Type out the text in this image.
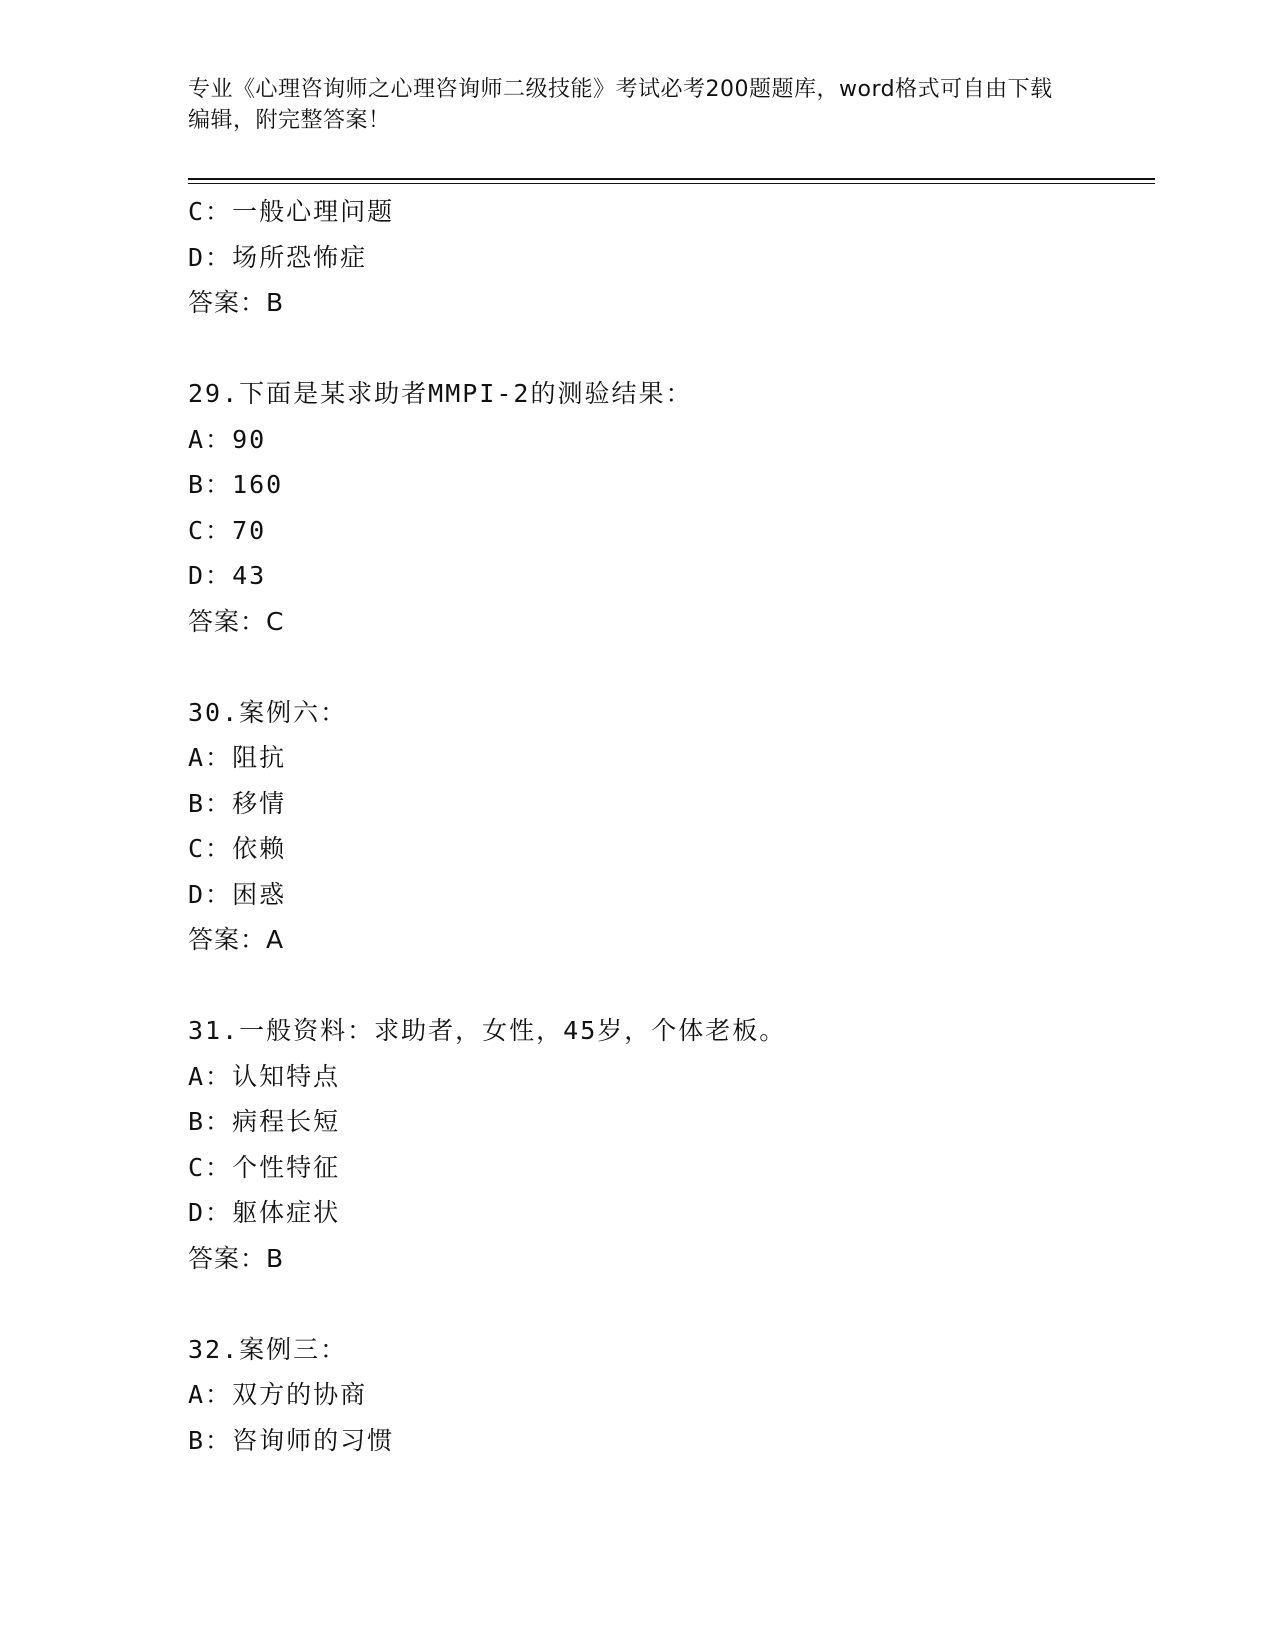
专业《心理咨询师之心理咨询师二级技能》考试必考200题题库，word格式可自由下载编辑，附完整答案！
C：一般心理问题
D：场所恐怖症
答案：B
29.下面是某求助者MMPI-2的测验结果：
A：90
B：160
C：70
D：43
答案：C
30.案例六：
A：阻抗
B：移情
C：依赖
D：困惑
答案：A
31.一般资料：求助者，女性，45岁，个体老板。
A：认知特点
B：病程长短
C：个性特征
D：躯体症状
答案：B
32.案例三：
A：双方的协商
B：咨询师的习惯
